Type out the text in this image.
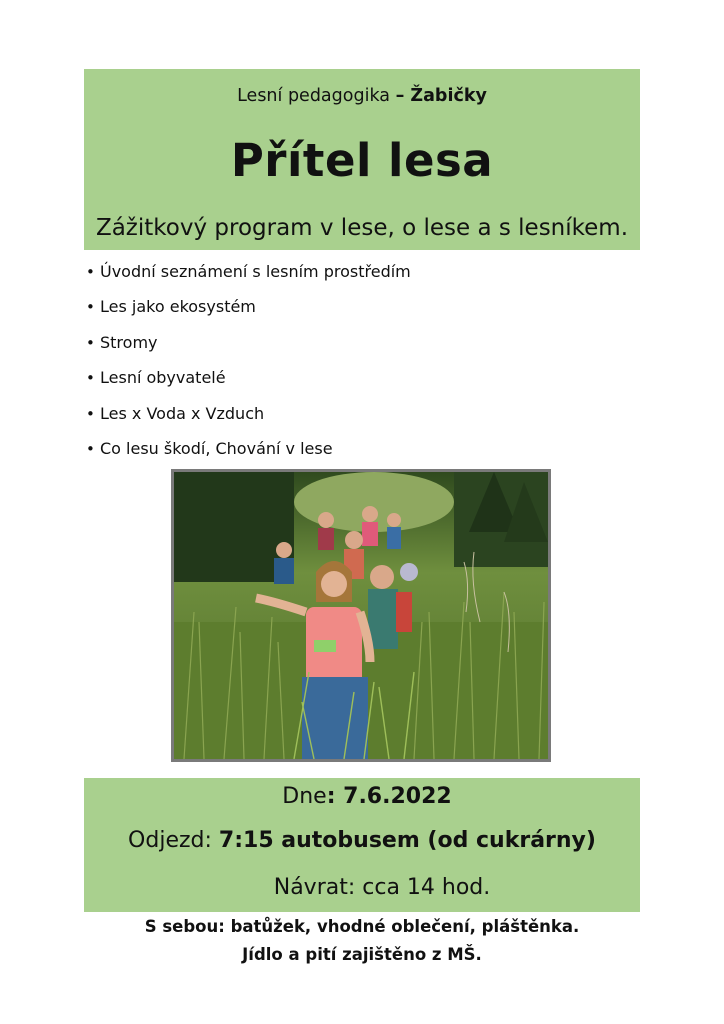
Lesní pedagogika – Žabičky
Přítel lesa
Zážitkový program v lese, o lese a s lesníkem.
• Úvodní seznámení s lesním prostředím
• Les jako ekosystém
• Stromy
• Lesní obyvatelé
• Les x Voda x Vzduch
• Co lesu škodí, Chování v lese
Dne: 7.6.2022
Odjezd: 7:15 autobusem (od cukrárny)
Návrat: cca 14 hod.
S sebou: batůžek, vhodné oblečení, pláštěnka.
Jídlo a pití zajištěno z MŠ.
